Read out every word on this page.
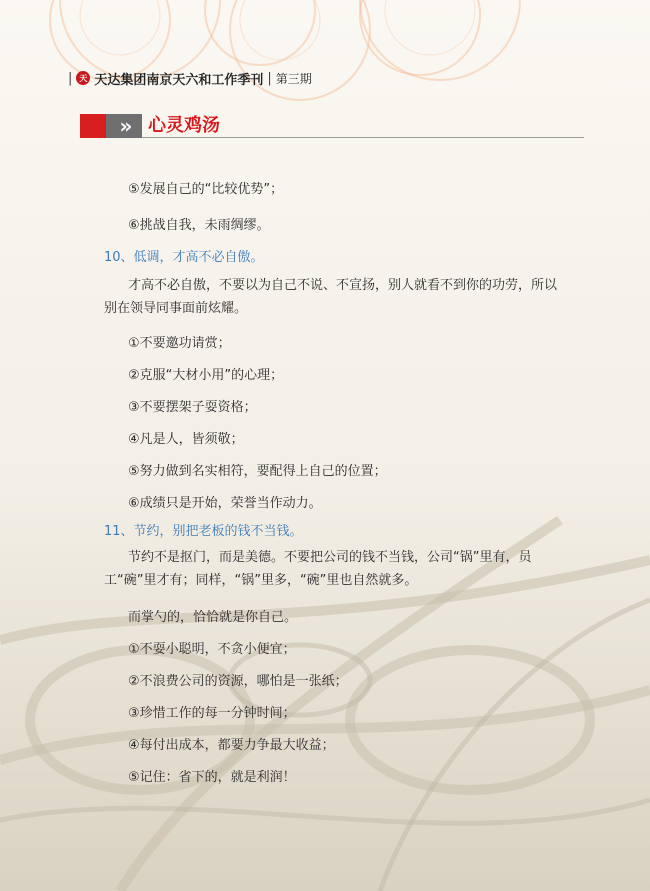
| 天 天达集团南京天六和工作季刊 | 第三期
»	心灵鸡汤
⑤发展自己的“比较优势”；
⑥挑战自我，未雨绸缪。
10、低调，才高不必自傲。
才高不必自傲，不要以为自己不说、不宣扬，别人就看不到你的功劳，所以别在领导同事面前炫耀。
①不要邀功请赏；
②克服“大材小用”的心理；
③不要摆架子耍资格；
④凡是人，皆须敬；
⑤努力做到名实相符，要配得上自己的位置；
⑥成绩只是开始，荣誉当作动力。
11、节约，别把老板的钱不当钱。
节约不是抠门，而是美德。不要把公司的钱不当钱，公司“锅”里有，员工“碗”里才有；同样，“锅”里多，“碗”里也自然就多。
而掌勺的，恰恰就是你自己。
①不耍小聪明，不贪小便宜；
②不浪费公司的资源，哪怕是一张纸；
③珍惜工作的每一分钟时间；
④每付出成本，都要力争最大收益；
⑤记住：省下的，就是利润！
